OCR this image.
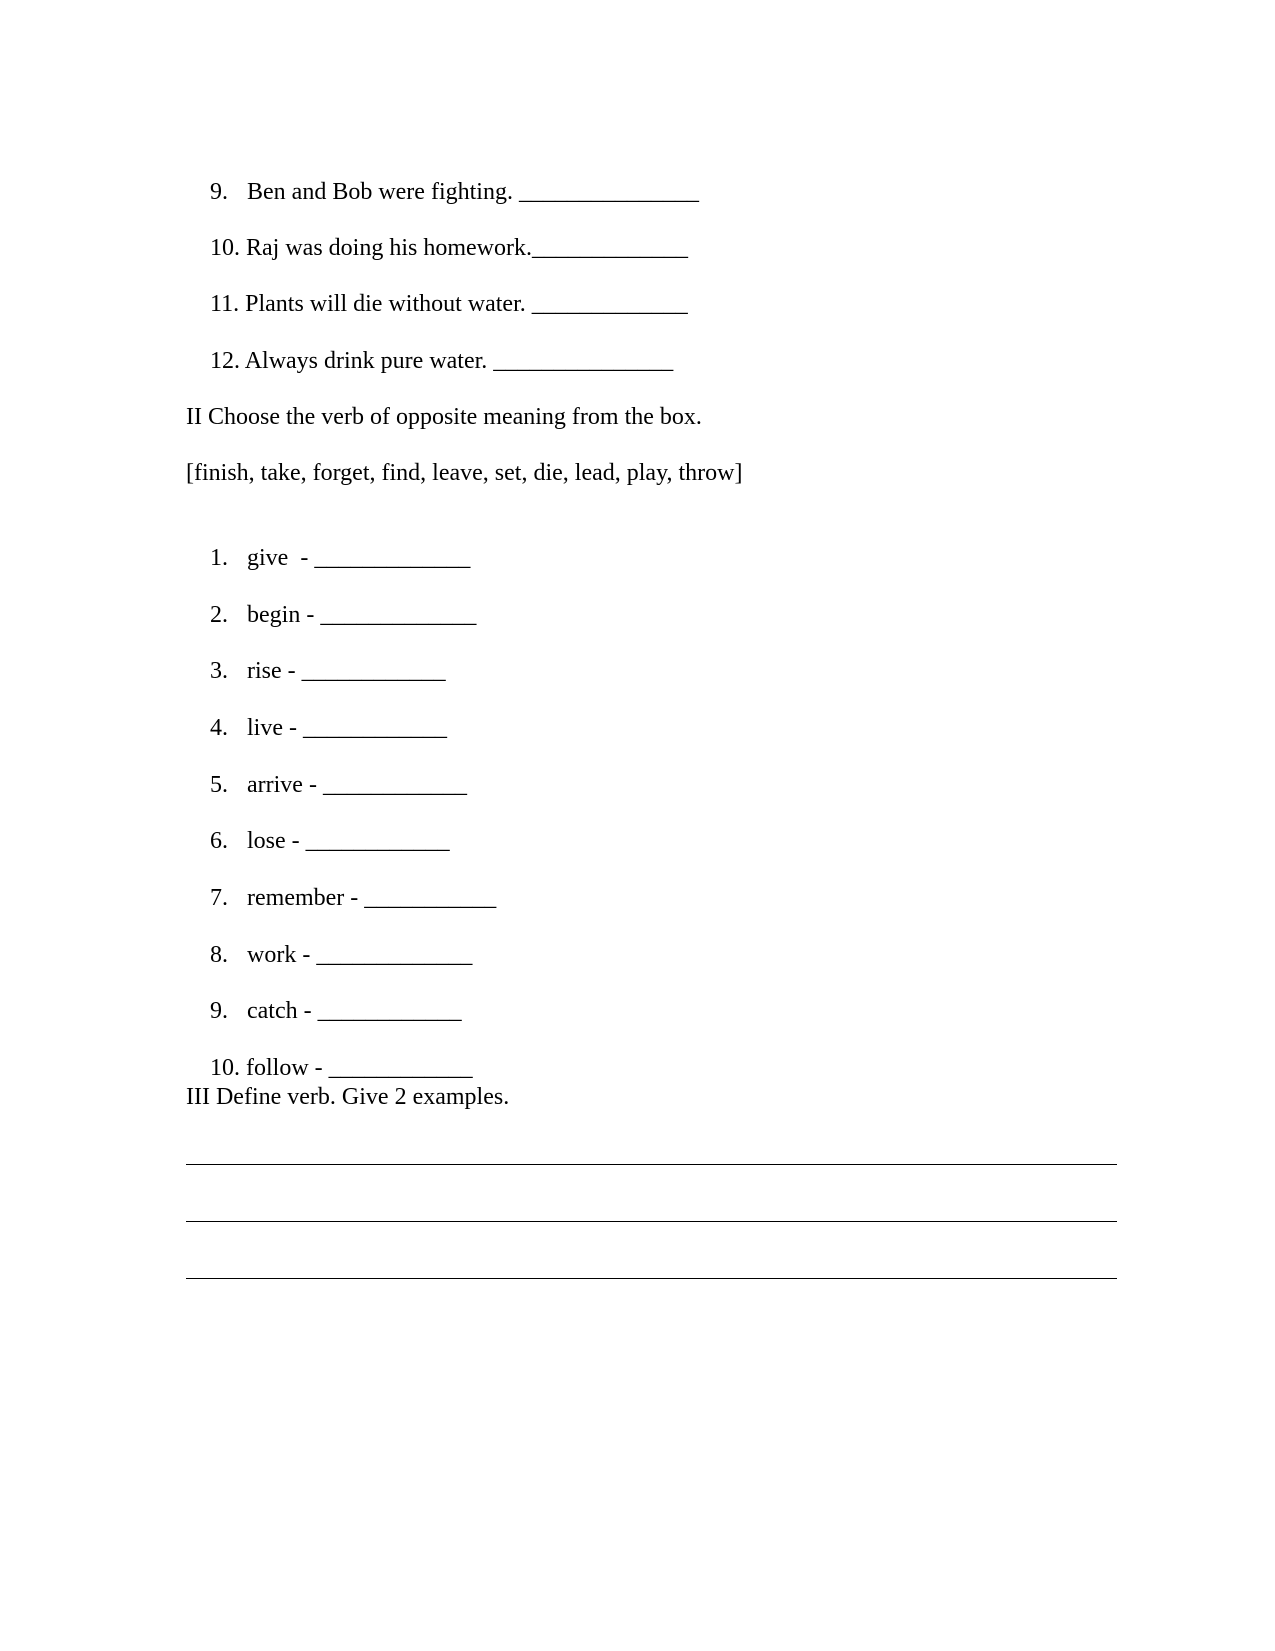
9. Ben and Bob were fighting. _______________

10. Raj was doing his homework._____________

11. Plants will die without water. _____________

12. Always drink pure water. _______________

II Choose the verb of opposite meaning from the box.
[finish, take, forget, find, leave, set, die, lead, play, throw]

1. give  - _____________

2. begin - _____________

3. rise - ____________

4. live - ____________

5. arrive - ____________

6. lose - ____________

7. remember - ___________

8. work - _____________

9. catch - ____________

10. follow - ____________

III Define verb. Give 2 examples.
